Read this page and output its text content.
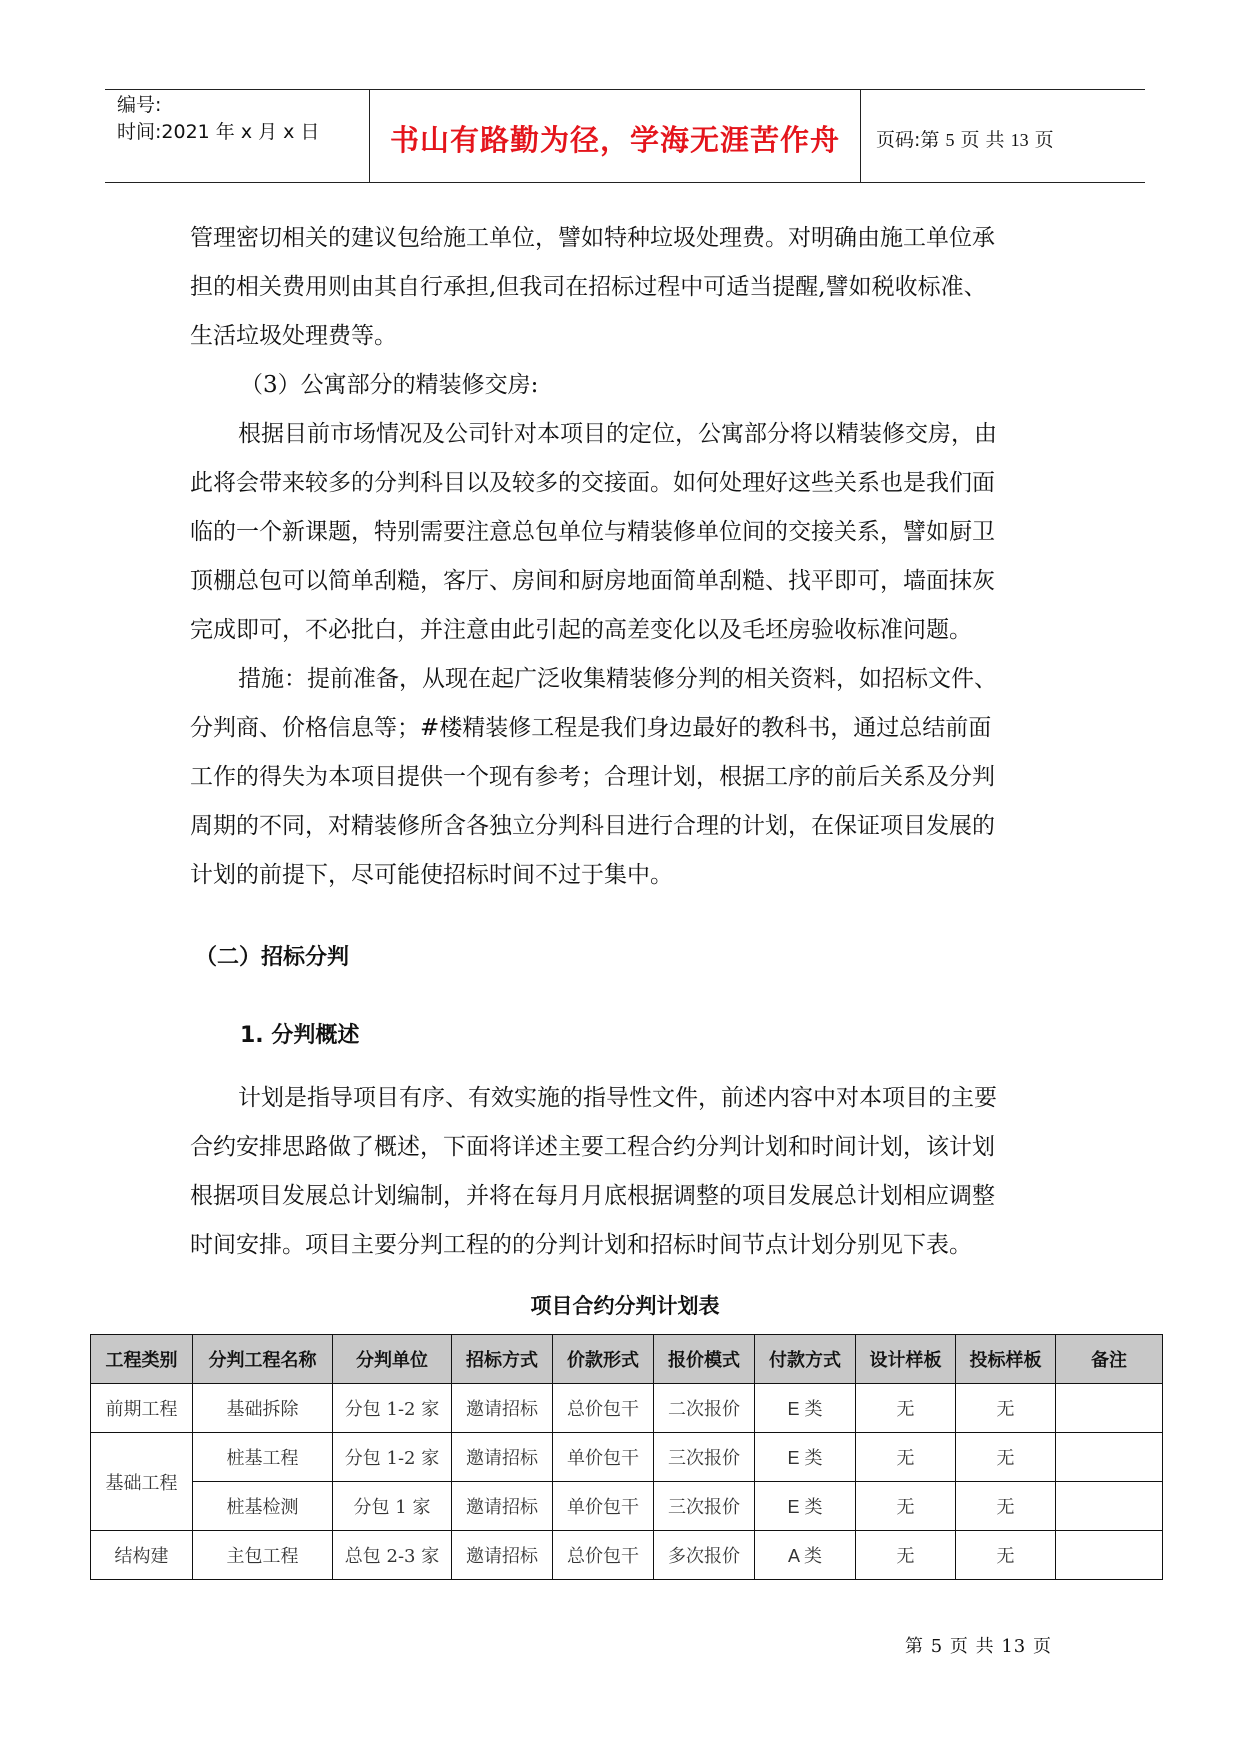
编号:
时间:2021 年 x 月 x 日	书山有路勤为径，学海无涯苦作舟	页码:第 5 页 共 13 页
管理密切相关的建议包给施工单位，譬如特种垃圾处理费。对明确由施工单位承
担的相关费用则由其自行承担,但我司在招标过程中可适当提醒,譬如税收标准、
生活垃圾处理费等。
（3）公寓部分的精装修交房:
根据目前市场情况及公司针对本项目的定位，公寓部分将以精装修交房，由
此将会带来较多的分判科目以及较多的交接面。如何处理好这些关系也是我们面
临的一个新课题，特别需要注意总包单位与精装修单位间的交接关系，譬如厨卫
顶棚总包可以简单刮糙，客厅、房间和厨房地面简单刮糙、找平即可，墙面抹灰
完成即可，不必批白，并注意由此引起的高差变化以及毛坯房验收标准问题。
措施：提前准备，从现在起广泛收集精装修分判的相关资料，如招标文件、
分判商、价格信息等；#楼精装修工程是我们身边最好的教科书，通过总结前面
工作的得失为本项目提供一个现有参考；合理计划，根据工序的前后关系及分判
周期的不同，对精装修所含各独立分判科目进行合理的计划，在保证项目发展的
计划的前提下，尽可能使招标时间不过于集中。
（二）招标分判
1. 分判概述
计划是指导项目有序、有效实施的指导性文件，前述内容中对本项目的主要
合约安排思路做了概述，下面将详述主要工程合约分判计划和时间计划，该计划
根据项目发展总计划编制，并将在每月月底根据调整的项目发展总计划相应调整
时间安排。项目主要分判工程的的分判计划和招标时间节点计划分别见下表。
项目合约分判计划表
工程类别	分判工程名称	分判单位	招标方式	价款形式	报价模式	付款方式	设计样板	投标样板	备注
前期工程	基础拆除	分包 1-2 家	邀请招标	总价包干	二次报价	E 类	无	无	
基础工程	桩基工程	分包 1-2 家	邀请招标	单价包干	三次报价	E 类	无	无	
	桩基检测	分包 1 家	邀请招标	单价包干	三次报价	E 类	无	无	
结构建	主包工程	总包 2-3 家	邀请招标	总价包干	多次报价	A 类	无	无	
第 5 页 共 13 页
